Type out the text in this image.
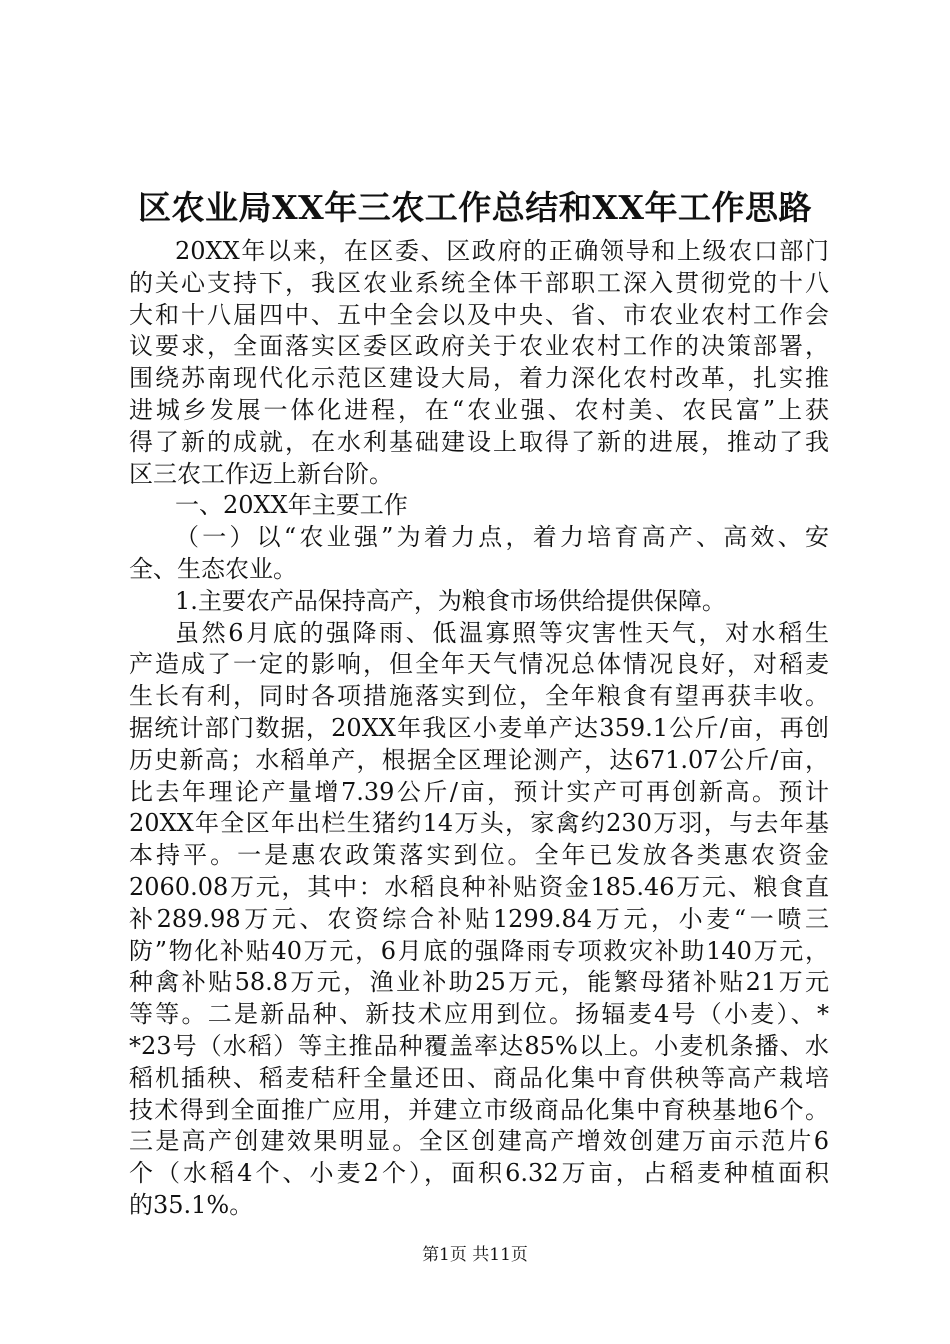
区农业局XX年三农工作总结和XX年工作思路
20XX年以来，在区委、区政府的正确领导和上级农口部门
的关心支持下，我区农业系统全体干部职工深入贯彻党的十八
大和十八届四中、五中全会以及中央、省、市农业农村工作会
议要求，全面落实区委区政府关于农业农村工作的决策部署，
围绕苏南现代化示范区建设大局，着力深化农村改革，扎实推
进城乡发展一体化进程，在“农业强、农村美、农民富”上获
得了新的成就，在水利基础建设上取得了新的进展，推动了我
区三农工作迈上新台阶。
一、20XX年主要工作
（一）以“农业强”为着力点，着力培育高产、高效、安
全、生态农业。
1.主要农产品保持高产，为粮食市场供给提供保障。
虽然6月底的强降雨、低温寡照等灾害性天气，对水稻生
产造成了一定的影响，但全年天气情况总体情况良好，对稻麦
生长有利，同时各项措施落实到位，全年粮食有望再获丰收。
据统计部门数据，20XX年我区小麦单产达359.1公斤/亩，再创
历史新高；水稻单产，根据全区理论测产，达671.07公斤/亩，
比去年理论产量增7.39公斤/亩，预计实产可再创新高。预计
20XX年全区年出栏生猪约14万头，家禽约230万羽，与去年基
本持平。一是惠农政策落实到位。全年已发放各类惠农资金
2060.08万元，其中：水稻良种补贴资金185.46万元、粮食直
补289.98万元、农资综合补贴1299.84万元，小麦“一喷三
防”物化补贴40万元，6月底的强降雨专项救灾补助140万元，
种禽补贴58.8万元，渔业补助25万元，能繁母猪补贴21万元
等等。二是新品种、新技术应用到位。扬辐麦4号（小麦）、*
*23号（水稻）等主推品种覆盖率达85%以上。小麦机条播、水
稻机插秧、稻麦秸秆全量还田、商品化集中育供秧等高产栽培
技术得到全面推广应用，并建立市级商品化集中育秧基地6个。
三是高产创建效果明显。全区创建高产增效创建万亩示范片6
个（水稻4个、小麦2个），面积6.32万亩，占稻麦种植面积
的35.1%。
第1页 共11页
